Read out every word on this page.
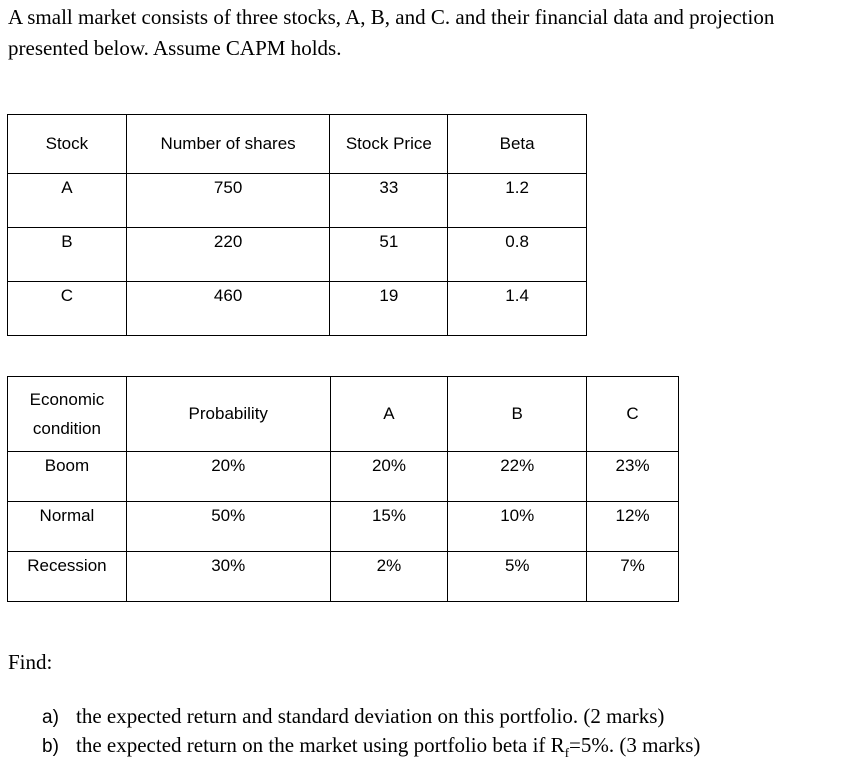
A small market consists of three stocks, A, B, and C. and their financial data and projection
presented below. Assume CAPM holds.
Stock	Number of shares	Stock Price	Beta
A	750	33	1.2
B	220	51	0.8
C	460	19	1.4
Economic
condition	Probability	A	B	C
Boom	20%	20%	22%	23%
Normal	50%	15%	10%	12%
Recession	30%	2%	5%	7%
Find:
a) the expected return and standard deviation on this portfolio. (2 marks)
b) the expected return on the market using portfolio beta if $R_f=5\%$. (3 marks)
